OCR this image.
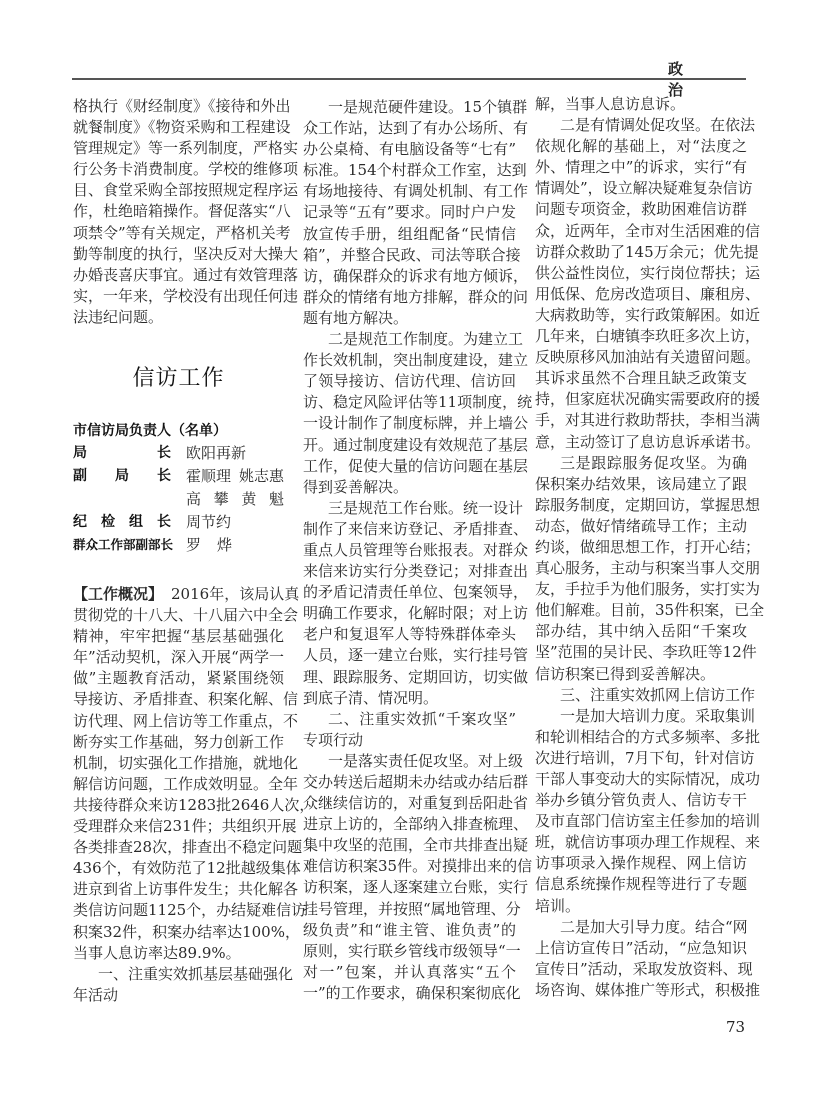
政治
格执行《财经制度》《接待和外出
就餐制度》《物资采购和工程建设
管理规定》等一系列制度，严格实
行公务卡消费制度。学校的维修项
目、食堂采购全部按照规定程序运
作，杜绝暗箱操作。督促落实“八
项禁令”等有关规定，严格机关考
勤等制度的执行，坚决反对大操大
办婚丧喜庆事宜。通过有效管理落
实，一年来，学校没有出现任何违
法违纪问题。
信访工作
市信访局负责人（名单）
局长 欧阳再新
副局长 霍顺理 姚志惠
高 攀 黄 魁
纪检组长 周节约
群众工作部副部长 罗 烨
【工作概况】 2016年，该局认真
贯彻党的十八大、十八届六中全会
精神，牢牢把握“基层基础强化
年”活动契机，深入开展“两学一
做”主题教育活动，紧紧围绕领
导接访、矛盾排查、积案化解、信
访代理、网上信访等工作重点，不
断夯实工作基础，努力创新工作
机制，切实强化工作措施，就地化
解信访问题，工作成效明显。全年
共接待群众来访1283批2646人次，
受理群众来信231件；共组织开展
各类排查28次，排查出不稳定问题
436个，有效防范了12批越级集体
进京到省上访事件发生；共化解各
类信访问题1125个，办结疑难信访
积案32件，积案办结率达100%，
当事人息访率达89.9%。
一、注重实效抓基层基础强化
年活动
一是规范硬件建设。15个镇群
众工作站，达到了有办公场所、有
办公桌椅、有电脑设备等“七有”
标准。154个村群众工作室，达到
有场地接待、有调处机制、有工作
记录等“五有”要求。同时户户发
放宣传手册，组组配备“民情信
箱”，并整合民政、司法等联合接
访，确保群众的诉求有地方倾诉，
群众的情绪有地方排解，群众的问
题有地方解决。
二是规范工作制度。为建立工
作长效机制，突出制度建设，建立
了领导接访、信访代理、信访回
访、稳定风险评估等11项制度，统
一设计制作了制度标牌，并上墙公
开。通过制度建设有效规范了基层
工作，促使大量的信访问题在基层
得到妥善解决。
三是规范工作台账。统一设计
制作了来信来访登记、矛盾排查、
重点人员管理等台账报表。对群众
来信来访实行分类登记；对排查出
的矛盾记清责任单位、包案领导，
明确工作要求，化解时限；对上访
老户和复退军人等特殊群体牵头
人员，逐一建立台账，实行挂号管
理、跟踪服务、定期回访，切实做
到底子清、情况明。
二、注重实效抓“千案攻坚”
专项行动
一是落实责任促攻坚。对上级
交办转送后超期未办结或办结后群
众继续信访的，对重复到岳阳赴省
进京上访的，全部纳入排查梳理、
集中攻坚的范围，全市共排查出疑
难信访积案35件。对摸排出来的信
访积案，逐人逐案建立台账，实行
挂号管理，并按照“属地管理、分
级负责”和“谁主管、谁负责”的
原则，实行联乡管线市级领导“一
对一”包案，并认真落实“五个
一”的工作要求，确保积案彻底化
解，当事人息访息诉。
二是有情调处促攻坚。在依法
依规化解的基础上，对“法度之
外、情理之中”的诉求，实行“有
情调处”，设立解决疑难复杂信访
问题专项资金，救助困难信访群
众，近两年，全市对生活困难的信
访群众救助了145万余元；优先提
供公益性岗位，实行岗位帮扶；运
用低保、危房改造项目、廉租房、
大病救助等，实行政策解困。如近
几年来，白塘镇李玖旺多次上访，
反映原移风加油站有关遗留问题。
其诉求虽然不合理且缺乏政策支
持，但家庭状况确实需要政府的援
手，对其进行救助帮扶，李相当满
意，主动签订了息访息诉承诺书。
三是跟踪服务促攻坚。为确
保积案办结效果，该局建立了跟
踪服务制度，定期回访，掌握思想
动态，做好情绪疏导工作；主动
约谈，做细思想工作，打开心结；
真心服务，主动与积案当事人交朋
友，手拉手为他们服务，实打实为
他们解难。目前，35件积案，已全
部办结，其中纳入岳阳“千案攻
坚”范围的吴计民、李玖旺等12件
信访积案已得到妥善解决。
三、注重实效抓网上信访工作
一是加大培训力度。采取集训
和轮训相结合的方式多频率、多批
次进行培训，7月下旬，针对信访
干部人事变动大的实际情况，成功
举办乡镇分管负责人、信访专干
及市直部门信访室主任参加的培训
班，就信访事项办理工作规程、来
访事项录入操作规程、网上信访
信息系统操作规程等进行了专题
培训。
二是加大引导力度。结合“网
上信访宣传日”活动，“应急知识
宣传日”活动，采取发放资料、现
场咨询、媒体推广等形式，积极推
73
